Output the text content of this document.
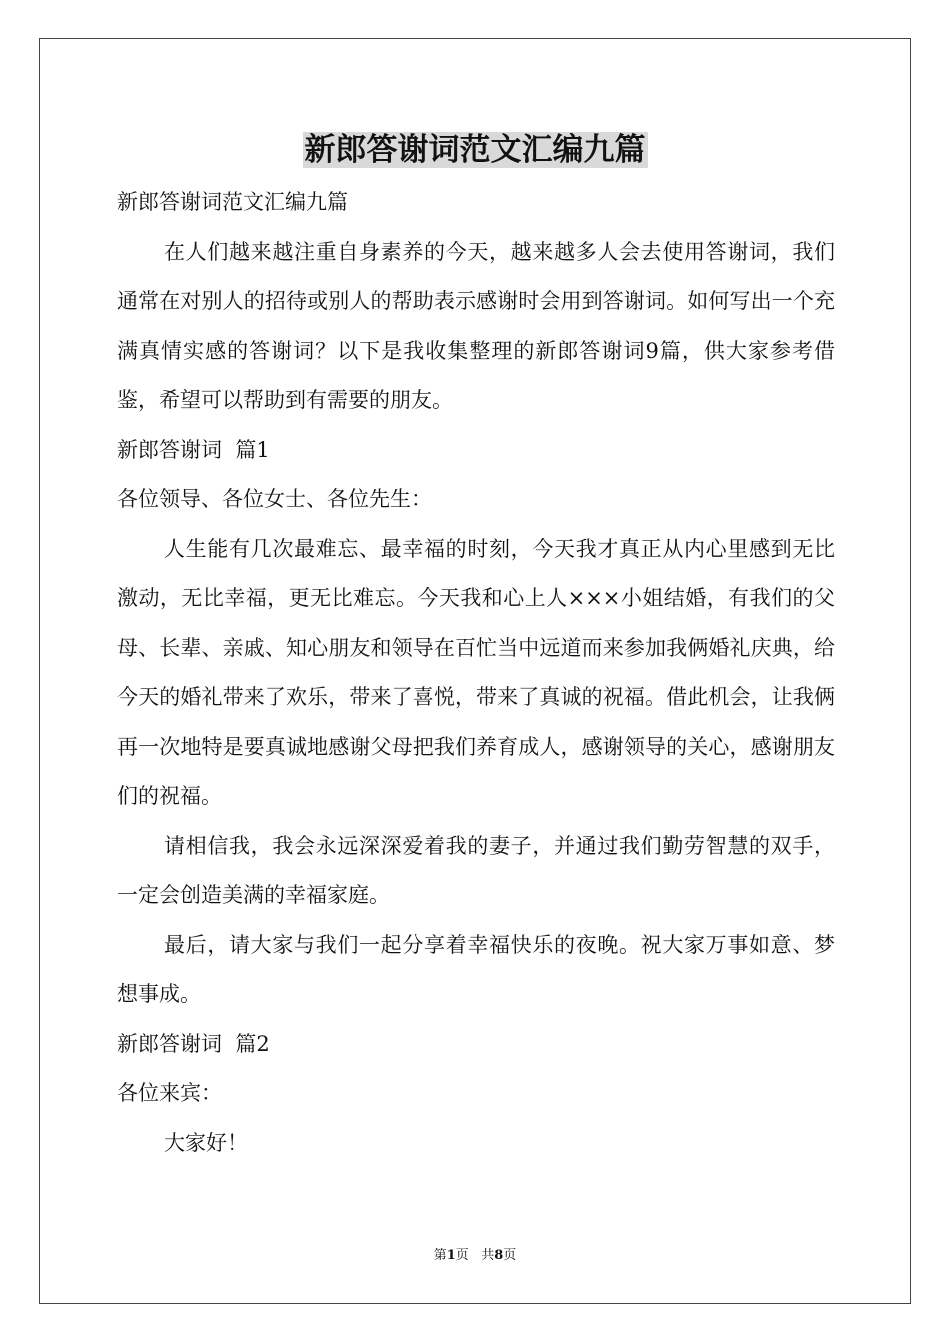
新郎答谢词范文汇编九篇

新郎答谢词范文汇编九篇

在人们越来越注重自身素养的今天，越来越多人会去使用答谢词，我们通常在对别人的招待或别人的帮助表示感谢时会用到答谢词。如何写出一个充满真情实感的答谢词？以下是我收集整理的新郎答谢词9篇，供大家参考借鉴，希望可以帮助到有需要的朋友。

新郎答谢词  篇1

各位领导、各位女士、各位先生：

人生能有几次最难忘、最幸福的时刻，今天我才真正从内心里感到无比激动，无比幸福，更无比难忘。今天我和心上人×××小姐结婚，有我们的父母、长辈、亲戚、知心朋友和领导在百忙当中远道而来参加我俩婚礼庆典，给今天的婚礼带来了欢乐，带来了喜悦，带来了真诚的祝福。借此机会，让我俩再一次地特是要真诚地感谢父母把我们养育成人，感谢领导的关心，感谢朋友们的祝福。

请相信我，我会永远深深爱着我的妻子，并通过我们勤劳智慧的双手，一定会创造美满的幸福家庭。

最后，请大家与我们一起分享着幸福快乐的夜晚。祝大家万事如意、梦想事成。

新郎答谢词  篇2

各位来宾：

大家好！

第1页 共8页
